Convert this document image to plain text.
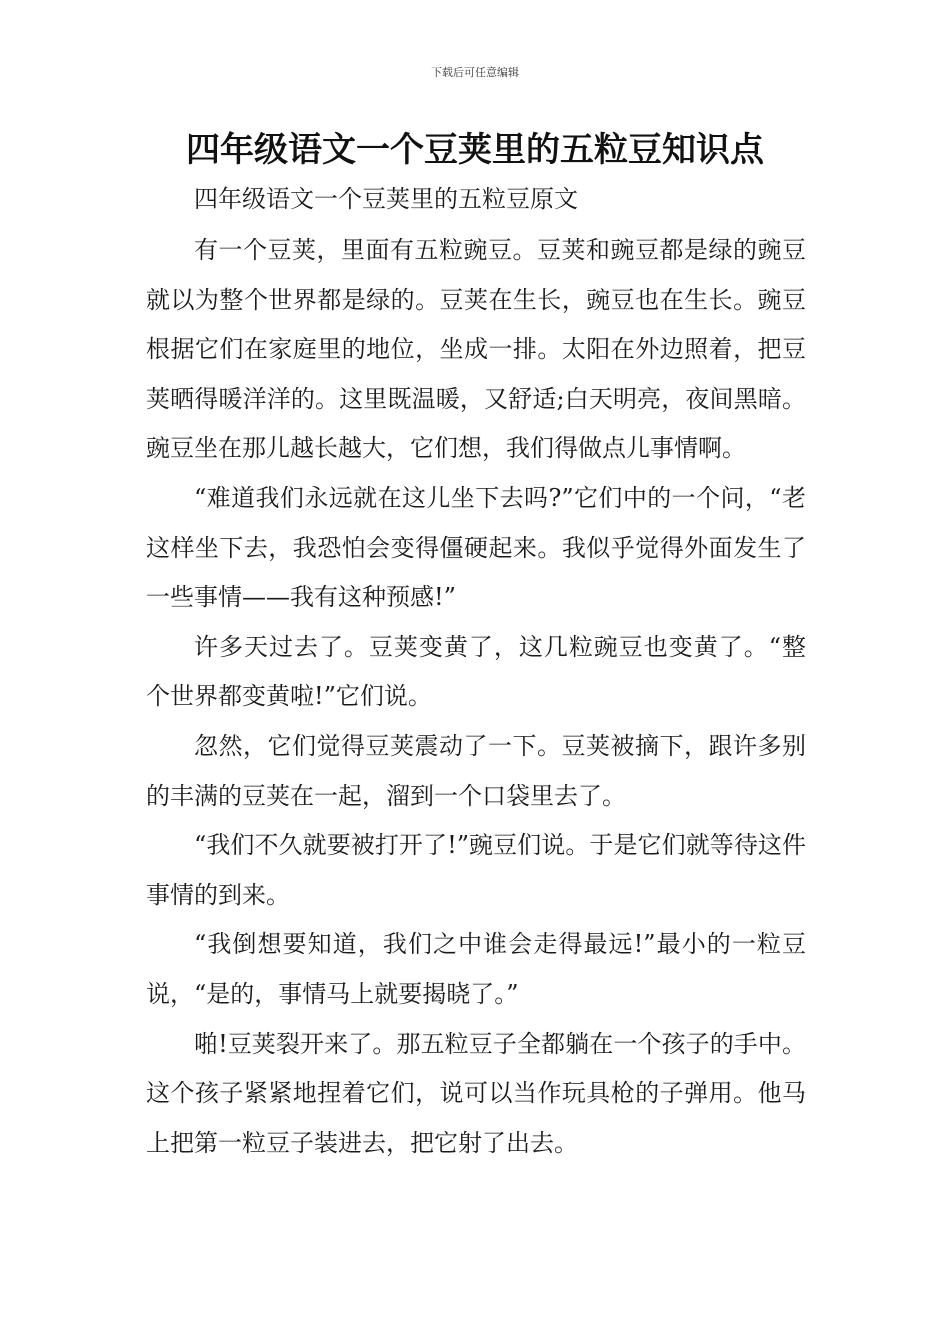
下载后可任意编辑
四年级语文一个豆荚里的五粒豆知识点

四年级语文一个豆荚里的五粒豆原文

有一个豆荚，里面有五粒豌豆。豆荚和豌豆都是绿的豌豆就以为整个世界都是绿的。豆荚在生长，豌豆也在生长。豌豆根据它们在家庭里的地位，坐成一排。太阳在外边照着，把豆荚晒得暖洋洋的。这里既温暖，又舒适;白天明亮，夜间黑暗。豌豆坐在那儿越长越大，它们想，我们得做点儿事情啊。

“难道我们永远就在这儿坐下去吗?”它们中的一个问，“老这样坐下去，我恐怕会变得僵硬起来。我似乎觉得外面发生了一些事情——我有这种预感!”

许多天过去了。豆荚变黄了，这几粒豌豆也变黄了。“整个世界都变黄啦!”它们说。

忽然，它们觉得豆荚震动了一下。豆荚被摘下，跟许多别的丰满的豆荚在一起，溜到一个口袋里去了。

“我们不久就要被打开了!”豌豆们说。于是它们就等待这件事情的到来。

“我倒想要知道，我们之中谁会走得最远!”最小的一粒豆说，“是的，事情马上就要揭晓了。”

啪!豆荚裂开来了。那五粒豆子全都躺在一个孩子的手中。这个孩子紧紧地捏着它们，说可以当作玩具枪的子弹用。他马上把第一粒豆子装进去，把它射了出去。
